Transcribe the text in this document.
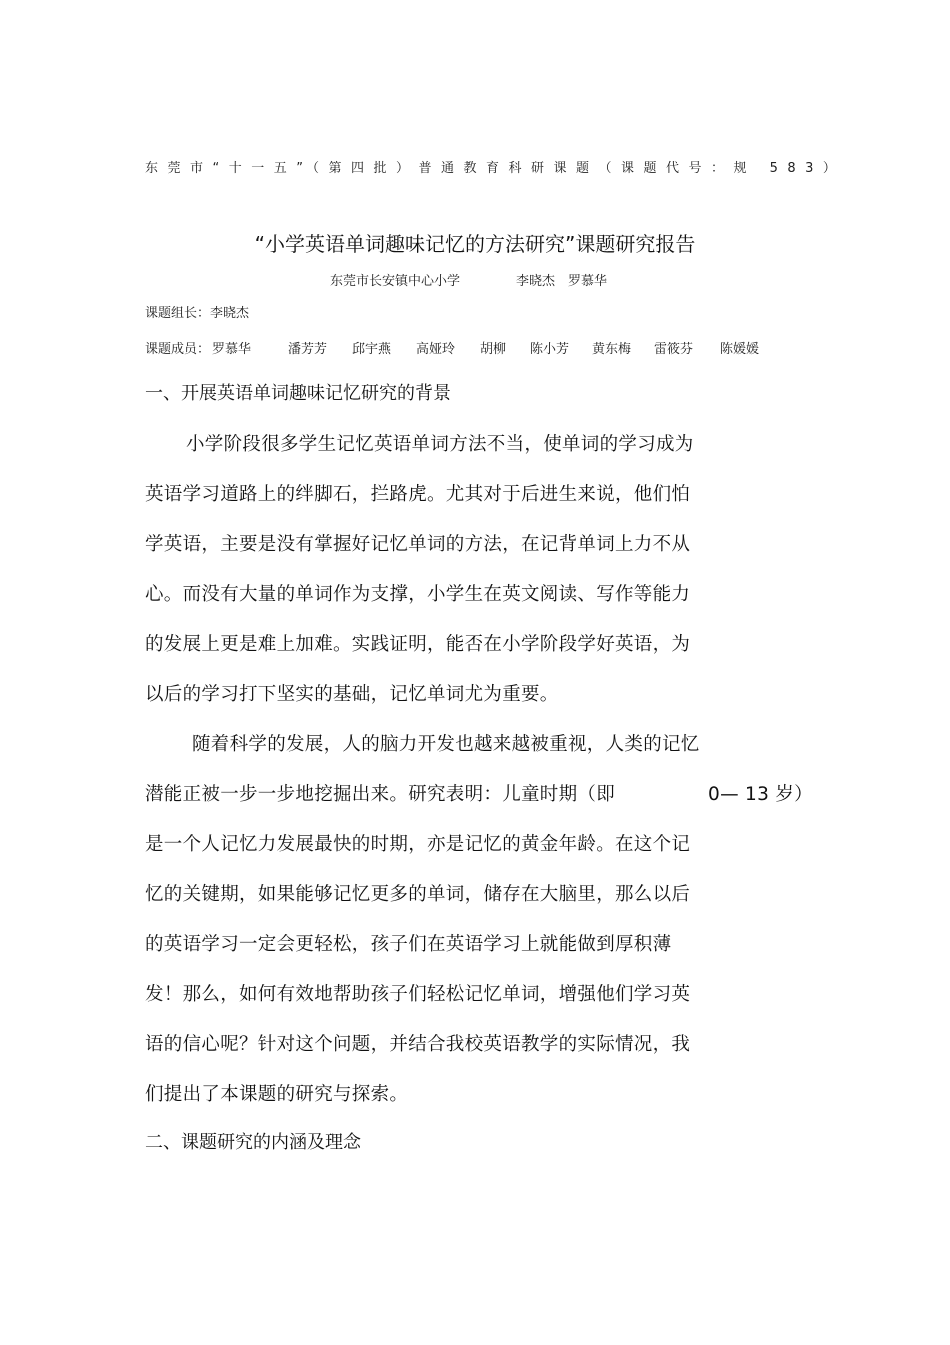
东莞市“十一五”（第四批）普通教育科研课题（课题代号：规 583）
“小学英语单词趣味记忆的方法研究”课题研究报告
东莞市长安镇中心小学	李晓杰　罗慕华
课题组长：李晓杰
课题成员： 罗慕华	潘芳芳 邱宇燕 高娅玲 胡柳 陈小芳 黄东梅 雷筱芬 陈媛媛
一、开展英语单词趣味记忆研究的背景
小学阶段很多学生记忆英语单词方法不当，使单词的学习成为
英语学习道路上的绊脚石，拦路虎。尤其对于后进生来说，他们怕
学英语，主要是没有掌握好记忆单词的方法，在记背单词上力不从
心。而没有大量的单词作为支撑，小学生在英文阅读、写作等能力
的发展上更是难上加难。实践证明，能否在小学阶段学好英语，为
以后的学习打下坚实的基础，记忆单词尤为重要。
随着科学的发展，人的脑力开发也越来越被重视，人类的记忆
潜能正被一步一步地挖掘出来。研究表明：儿童时期（即	0— 13 岁）
是一个人记忆力发展最快的时期，亦是记忆的黄金年龄。在这个记
忆的关键期，如果能够记忆更多的单词，储存在大脑里，那么以后
的英语学习一定会更轻松，孩子们在英语学习上就能做到厚积薄
发！那么，如何有效地帮助孩子们轻松记忆单词，增强他们学习英
语的信心呢？针对这个问题，并结合我校英语教学的实际情况，我
们提出了本课题的研究与探索。
二、课题研究的内涵及理念
